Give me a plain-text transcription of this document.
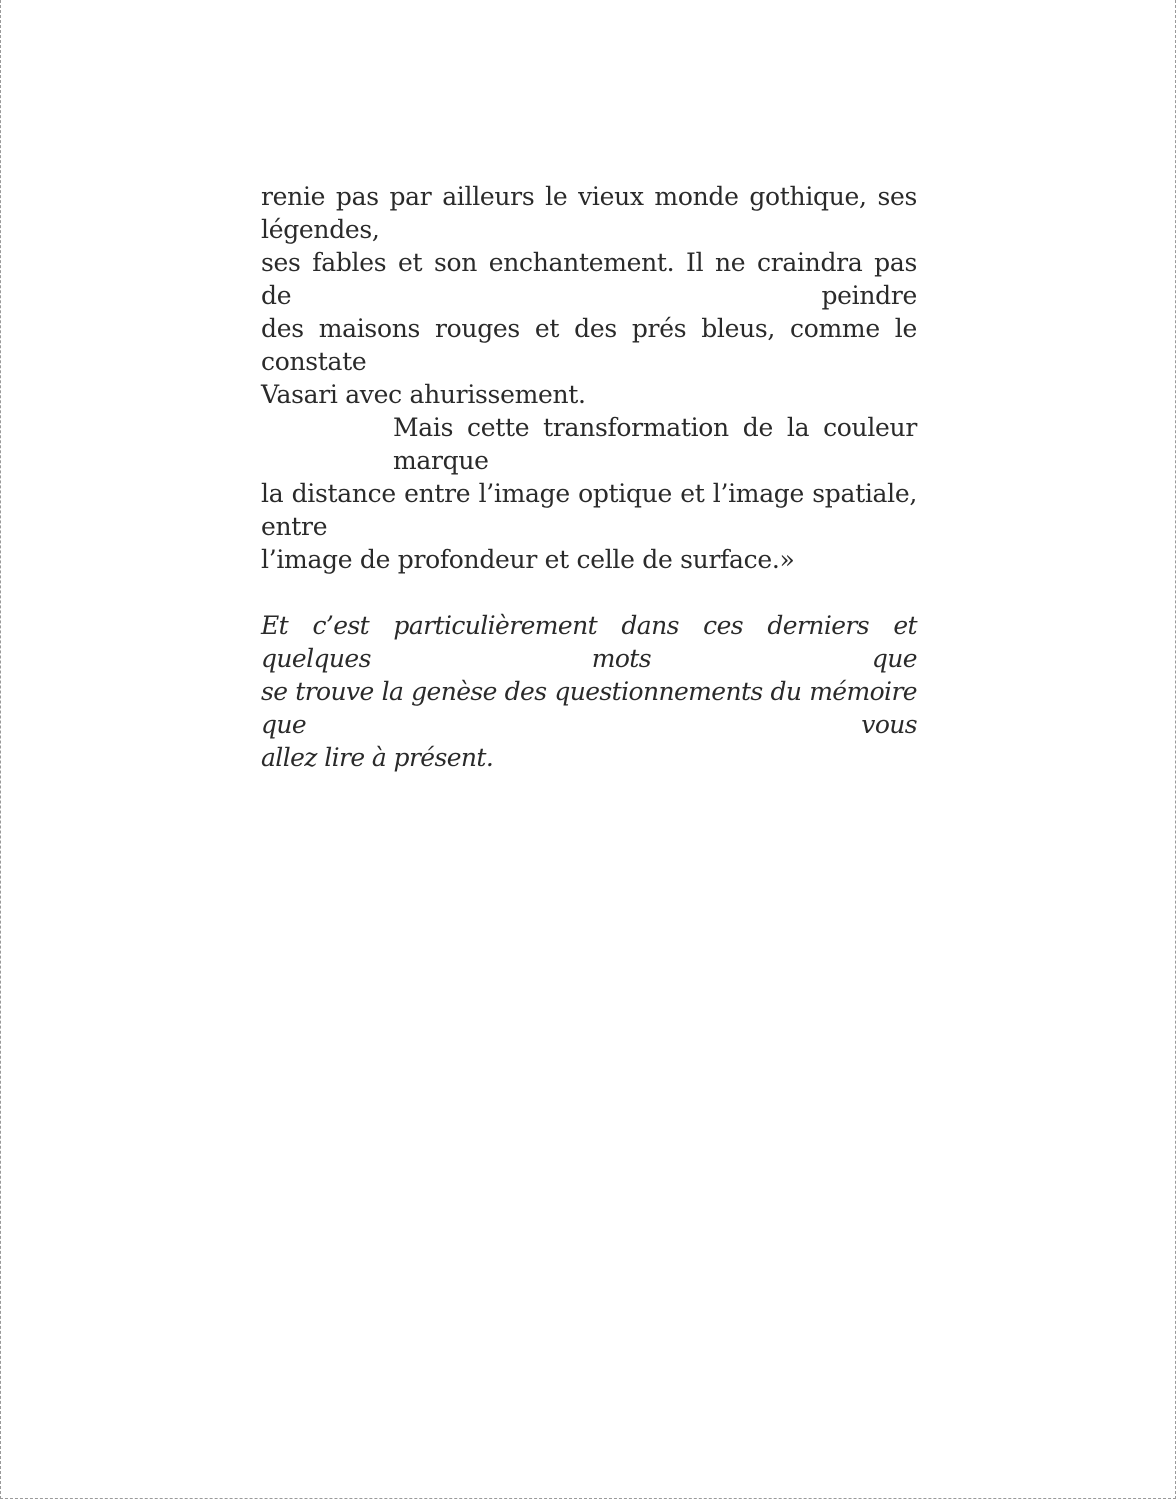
renie pas par ailleurs le vieux monde gothique, ses légendes,
ses fables et son enchantement. Il ne craindra pas de peindre
des maisons rouges et des prés bleus, comme le constate
Vasari avec ahurissement.
Mais cette transformation de la couleur marque
la distance entre l’image optique et l’image spatiale, entre
l’image de profondeur et celle de surface.»
Et c’est particulièrement dans ces derniers et quelques mots que
se trouve la genèse des questionnements du mémoire que vous
allez lire à présent.
